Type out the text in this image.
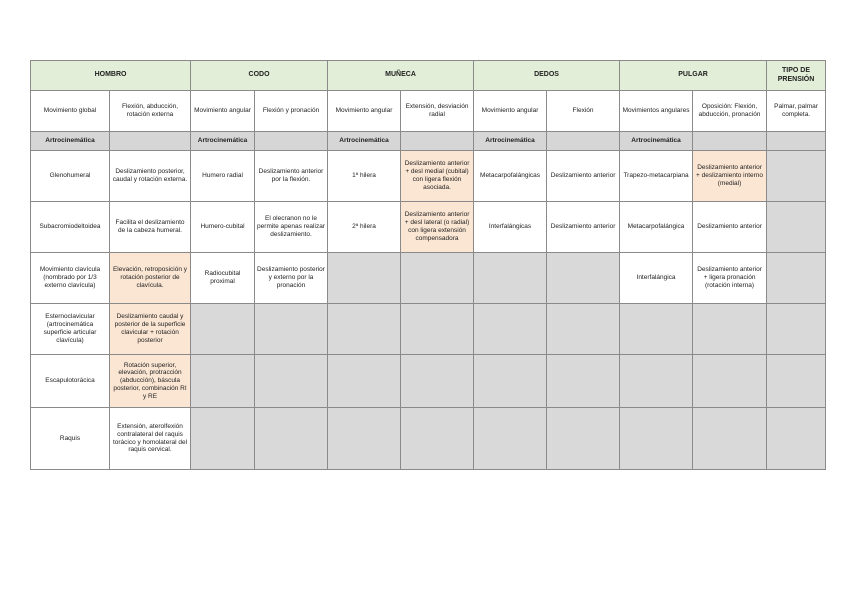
HOMBRO		CODO		MUÑECA		DEDOS		PULGAR		TIPO DE PRENSIÓN
Movimiento global	Flexión, abducción, rotación externa	Movimiento angular	Flexión y pronación	Movimiento angular	Extensión, desviación radial	Movimiento angular	Flexión	Movimientos angulares	Oposición: Flexión, abducción, pronación	Palmar, palmar completa.
Artrocinemática		Artrocinemática		Artrocinemática		Artrocinemática		Artrocinemática		
Glenohumeral	Deslizamiento posterior, caudal y rotación externa.	Humero radial	Deslizamiento anterior por la flexión.	1ª hilera	Deslizamiento anterior + desl medial (cubital) con ligera flexión asociada.	Metacarpofalángicas	Deslizamiento anterior	Trapezo-metacarpiana	Deslizamiento anterior + deslizamiento interno (medial)	
Subacromiodeltoidea	Facilita el deslizamiento de la cabeza humeral.	Humero-cubital	El olecranon no le permite apenas realizar deslizamiento.	2ª hilera	Deslizamiento anterior + desl lateral (o radial) con ligera extensión compensadora	Interfalángicas	Deslizamiento anterior	Metacarpofalángica	Deslizamiento anterior	
Movimiento clavícula (nombrado por 1/3 externo clavícula)	Elevación, retroposición y rotación posterior de clavícula.	Radiocubital proximal	Deslizamiento posterior y externo por la pronación					Interfalángica	Deslizamiento anterior + ligera pronación (rotación interna)	
Esternoclavicular (artrocinemática superficie articular clavícula)	Deslizamiento caudal y posterior de la superficie clavicular + rotación posterior									
Escapulotorácica	Rotación superior, elevación, protracción (abducción), báscula posterior, combinación RI y RE									
Raquis	Extensión, aterolfexión contralateral del raquis torácico y homolateral del raquis cervical.									
